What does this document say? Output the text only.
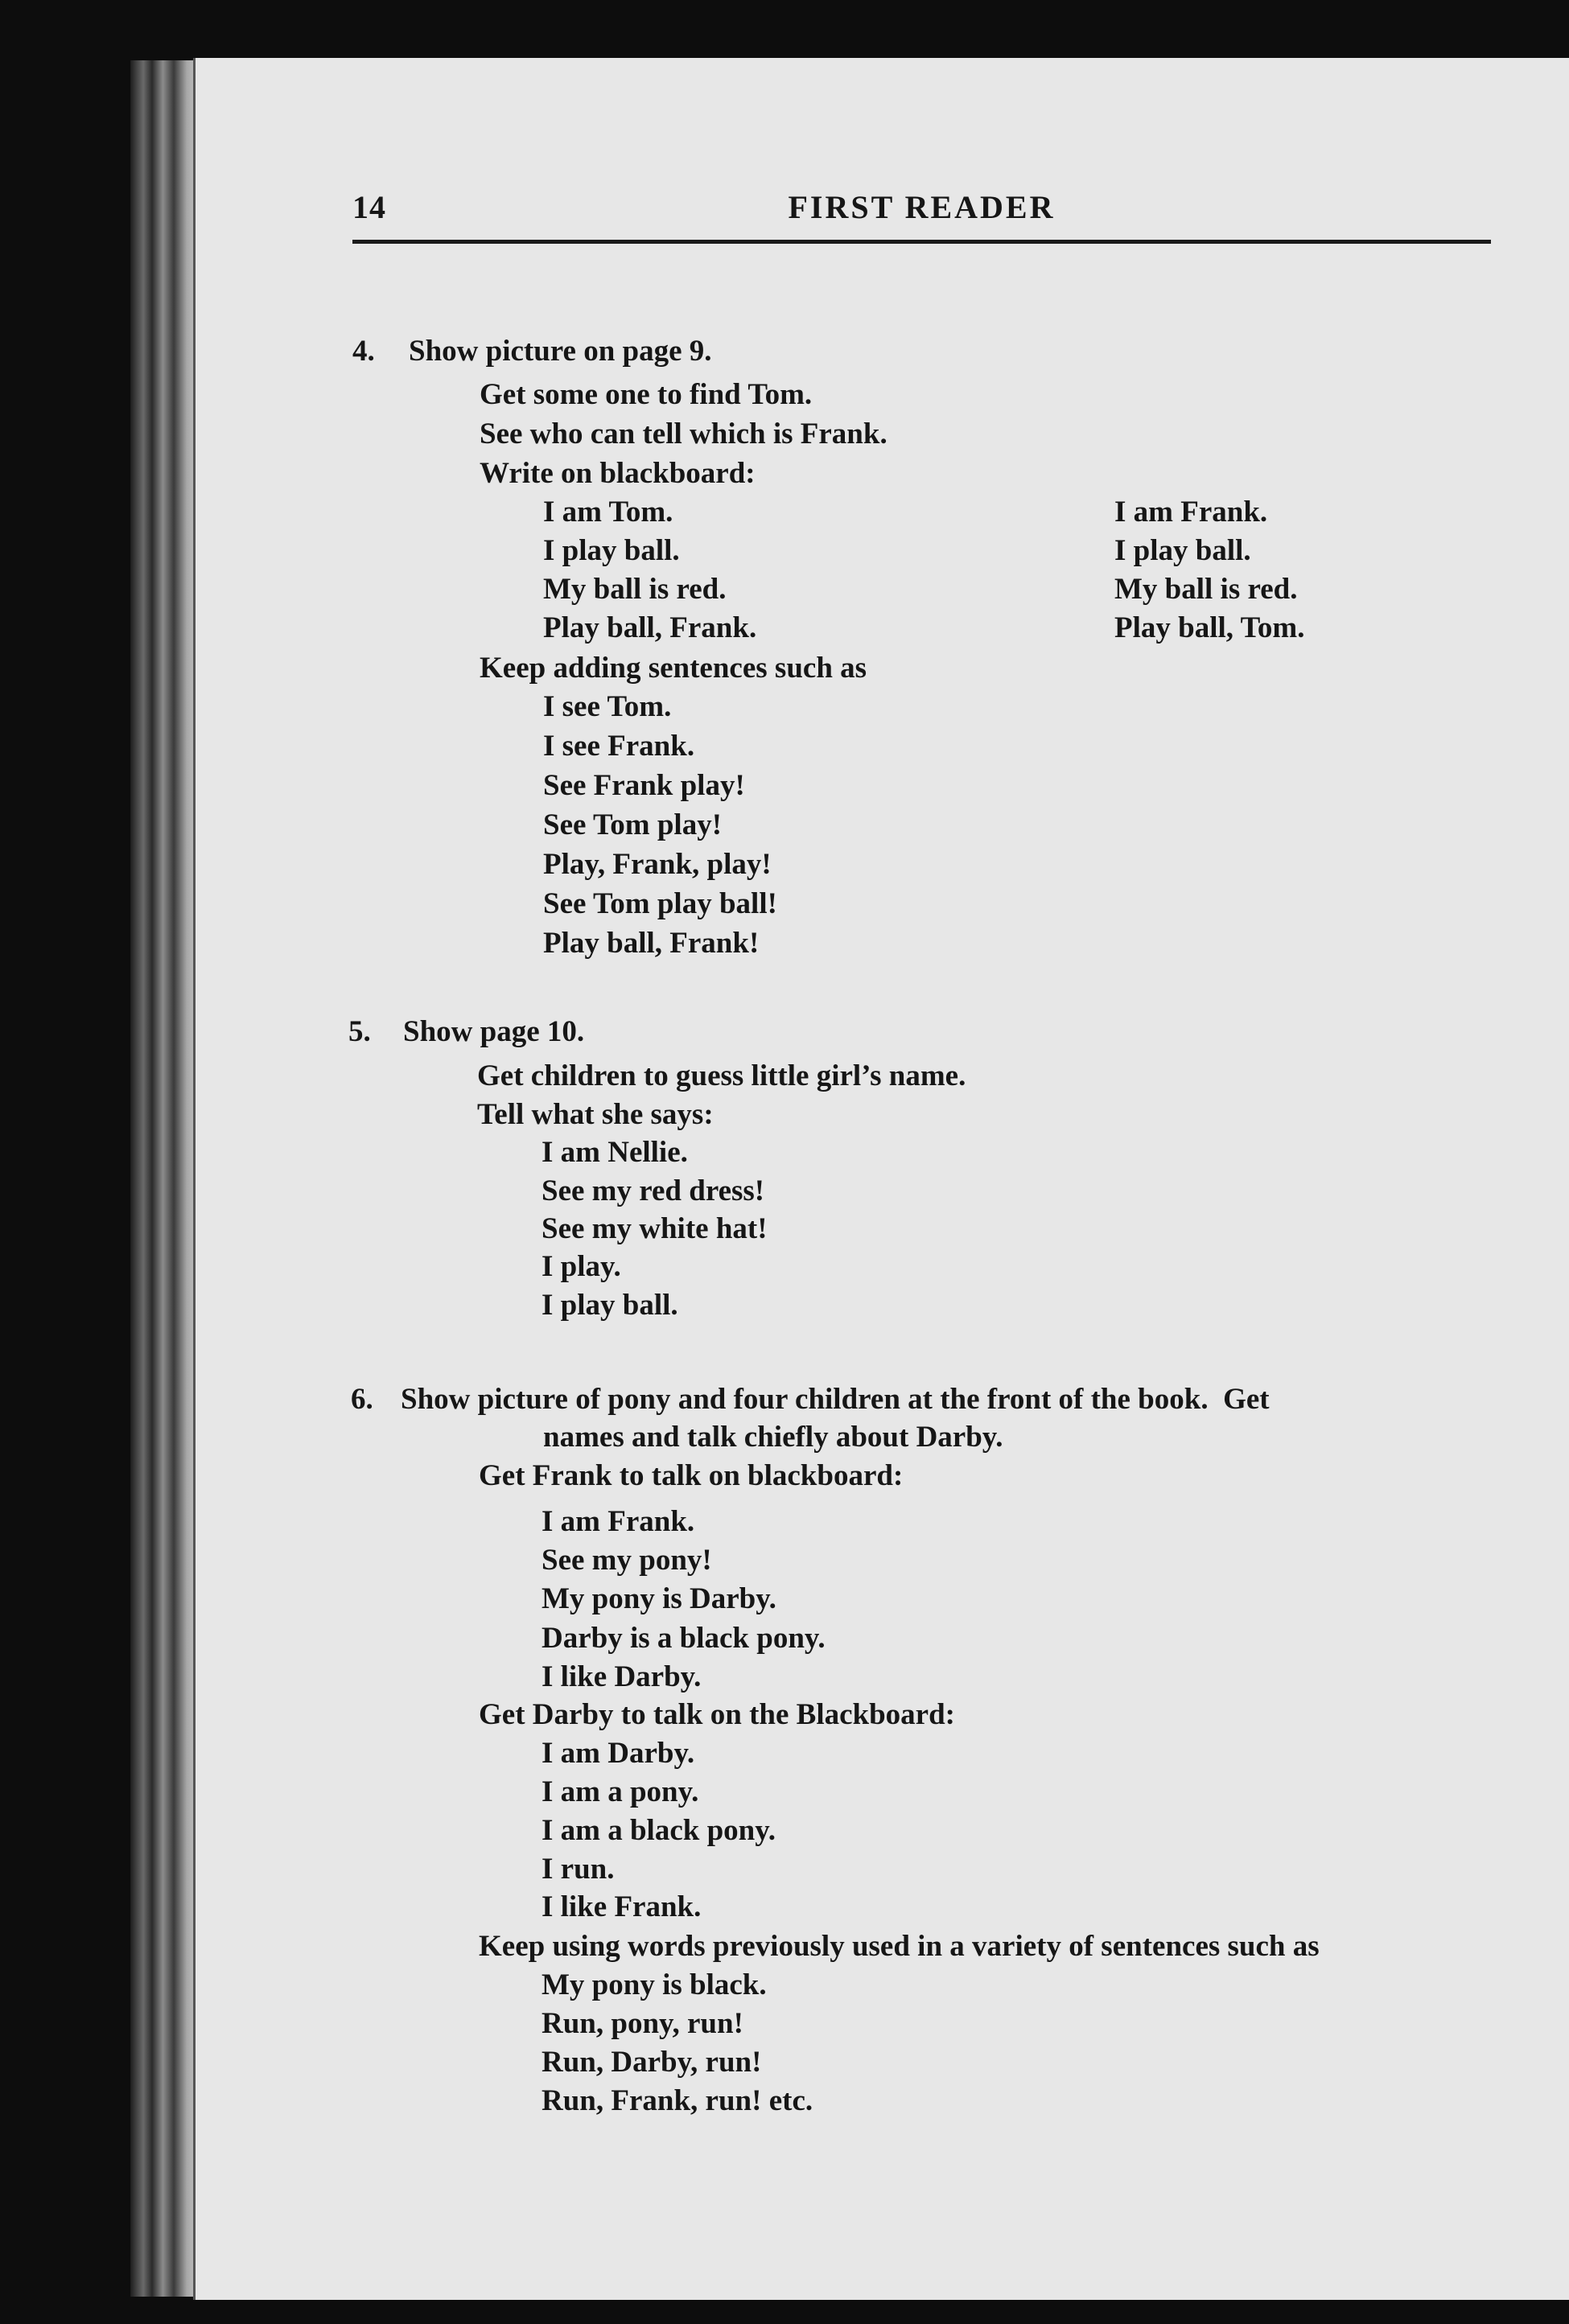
14	FIRST READER
4. Show picture on page 9.
Get some one to find Tom.
See who can tell which is Frank.
Write on blackboard:
I am Tom.
I play ball.
My ball is red.
Play ball, Frank.
I am Frank.
I play ball.
My ball is red.
Play ball, Tom.
Keep adding sentences such as
I see Tom.
I see Frank.
See Frank play!
See Tom play!
Play, Frank, play!
See Tom play ball!
Play ball, Frank!
5. Show page 10.
Get children to guess little girl’s name.
Tell what she says:
I am Nellie.
See my red dress!
See my white hat!
I play.
I play ball.
6. Show picture of pony and four children at the front of the book.  Get
names and talk chiefly about Darby.
Get Frank to talk on blackboard:
I am Frank.
See my pony!
My pony is Darby.
Darby is a black pony.
I like Darby.
Get Darby to talk on the Blackboard:
I am Darby.
I am a pony.
I am a black pony.
I run.
I like Frank.
Keep using words previously used in a variety of sentences such as
My pony is black.
Run, pony, run!
Run, Darby, run!
Run, Frank, run! etc.
